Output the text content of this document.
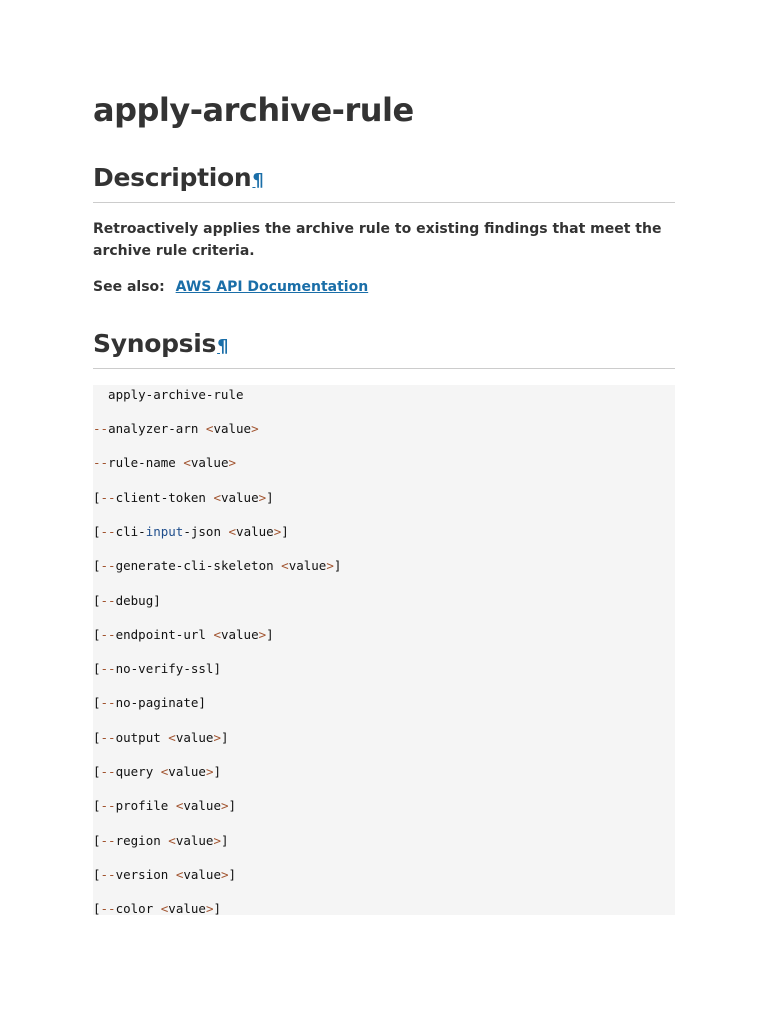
apply-archive-rule
Description¶
Retroactively applies the archive rule to existing findings that meet the archive rule criteria.
See also: AWS API Documentation
Synopsis¶
apply-archive-rule
--analyzer-arn <value>
--rule-name <value>
[--client-token <value>]
[--cli-input-json <value>]
[--generate-cli-skeleton <value>]
[--debug]
[--endpoint-url <value>]
[--no-verify-ssl]
[--no-paginate]
[--output <value>]
[--query <value>]
[--profile <value>]
[--region <value>]
[--version <value>]
[--color <value>]
